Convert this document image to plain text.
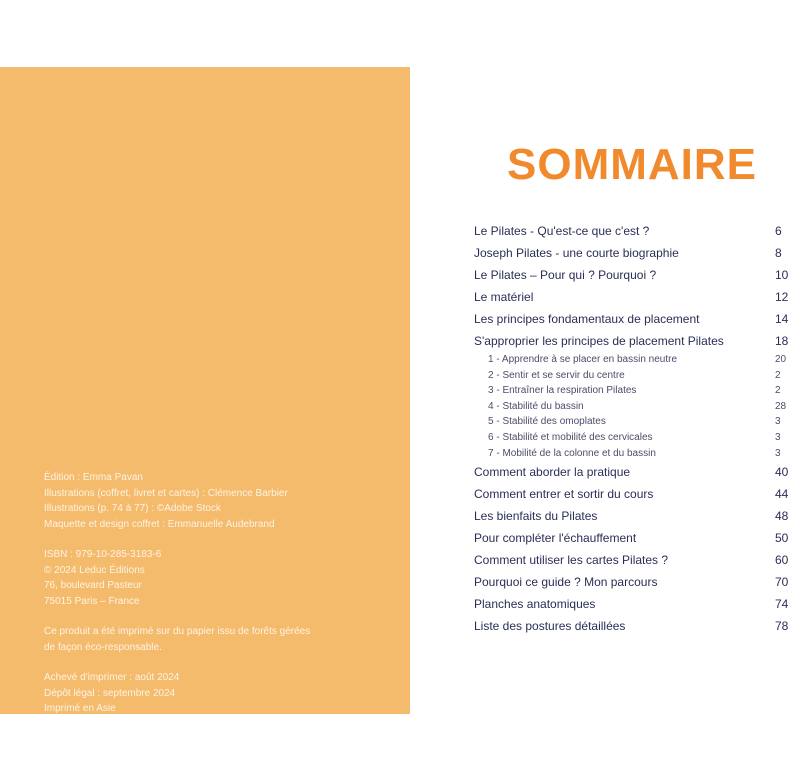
Édition : Emma Pavan
Illustrations (coffret, livret et cartes) : Clémence Barbier
Illustrations (p. 74 à 77) : ©Adobe Stock
Maquette et design coffret : Emmanuelle Audebrand
ISBN : 979-10-285-3183-6
© 2024 Leduc Éditions
76, boulevard Pasteur
75015 Paris – France
Ce produit a été imprimé sur du papier issu de forêts gérées
de façon éco-responsable.
Achevé d'imprimer : août 2024
Dépôt légal : septembre 2024
Imprimé en Asie
SOMMAIRE
Le Pilates - Qu'est-ce que c'est ?	6
Joseph Pilates - une courte biographie	8
Le Pilates – Pour qui ? Pourquoi ?	10
Le matériel	12
Les principes fondamentaux de placement	14
S'approprier les principes de placement Pilates	18
1 - Apprendre à se placer en bassin neutre	20
2 - Sentir et se servir du centre	2
3 - Entraîner la respiration Pilates	2
4 - Stabilité du bassin	28
5 - Stabilité des omoplates	3
6 - Stabilité et mobilité des cervicales	3
7 - Mobilité de la colonne et du bassin	3
Comment aborder la pratique	40
Comment entrer et sortir du cours	44
Les bienfaits du Pilates	48
Pour compléter l'échauffement	50
Comment utiliser les cartes Pilates ?	60
Pourquoi ce guide ? Mon parcours	70
Planches anatomiques	74
Liste des postures détaillées	78
